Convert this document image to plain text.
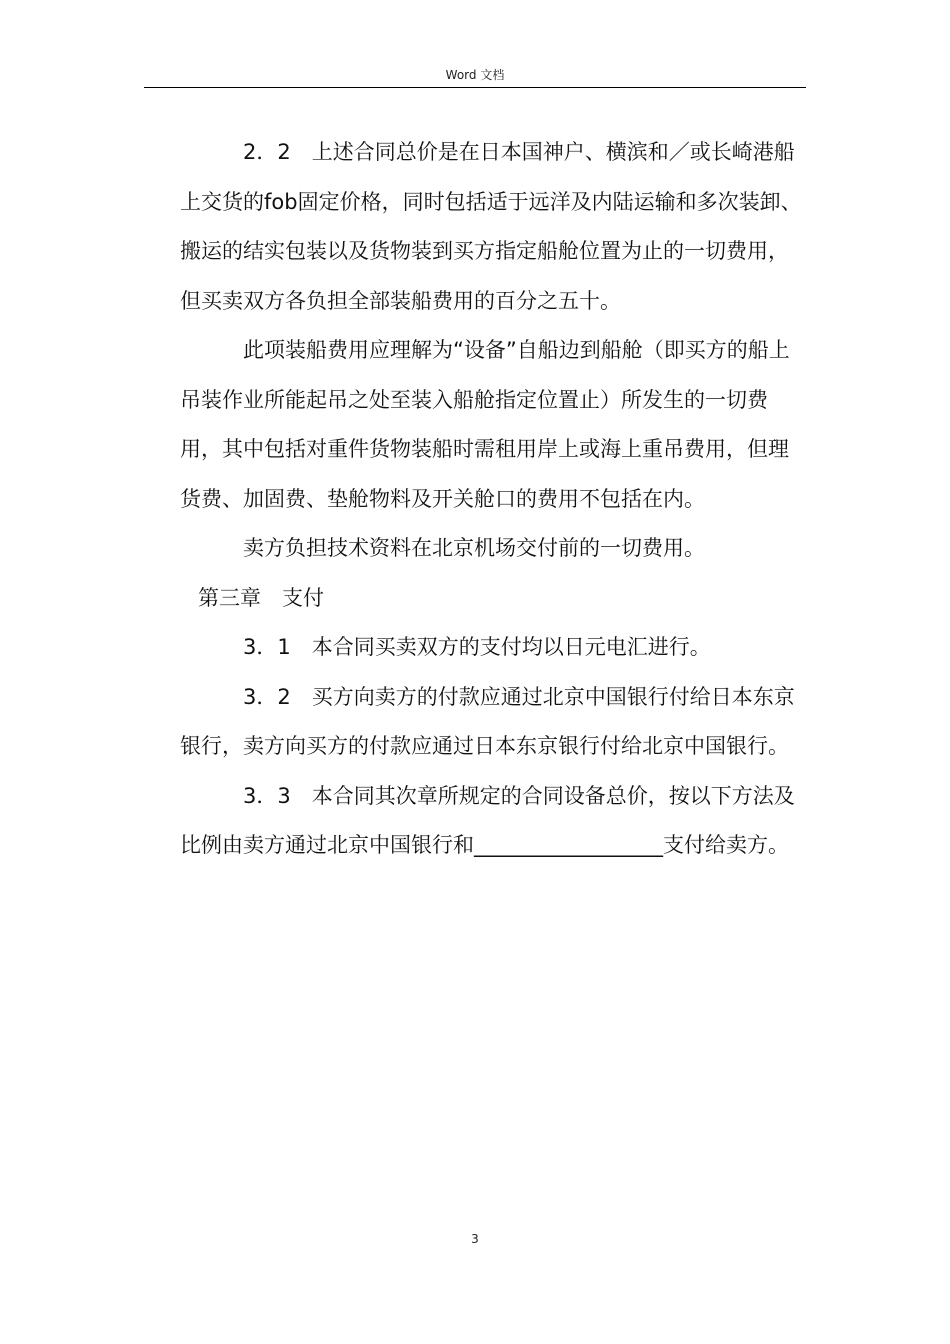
Word 文档

2．2　上述合同总价是在日本国神户、横滨和／或长崎港船上交货的fob固定价格，同时包括适于远洋及内陆运输和多次装卸、搬运的结实包装以及货物装到买方指定船舱位置为止的一切费用，但买卖双方各负担全部装船费用的百分之五十。

此项装船费用应理解为“设备”自船边到船舱（即买方的船上吊装作业所能起吊之处至装入船舱指定位置止）所发生的一切费用，其中包括对重件货物装船时需租用岸上或海上重吊费用，但理货费、加固费、垫舱物料及开关舱口的费用不包括在内。

卖方负担技术资料在北京机场交付前的一切费用。

第三章　支付

3．1　本合同买卖双方的支付均以日元电汇进行。

3．2　买方向卖方的付款应通过北京中国银行付给日本东京银行，卖方向买方的付款应通过日本东京银行付给北京中国银行。

3．3　本合同其次章所规定的合同设备总价，按以下方法及比例由卖方通过北京中国银行和__________________支付给卖方。

3
